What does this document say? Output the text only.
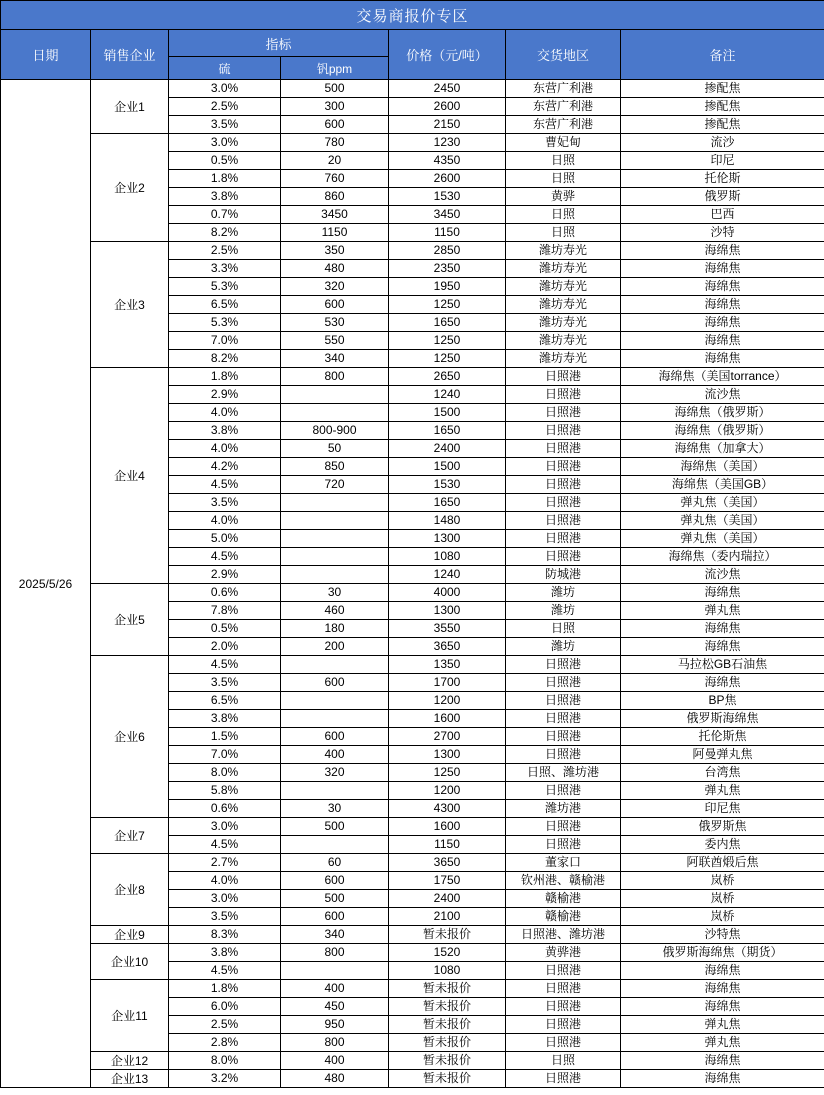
交易商报价专区						
日期	销售企业	指标		价格（元/吨）	交货地区	备注
		硫	钒ppm			
2025/5/26	企业1	3.0%	500	2450	东营广利港	掺配焦
		2.5%	300	2600	东营广利港	掺配焦
		3.5%	600	2150	东营广利港	掺配焦
	企业2	3.0%	780	1230	曹妃甸	流沙
		0.5%	20	4350	日照	印尼
		1.8%	760	2600	日照	托伦斯
		3.8%	860	1530	黄骅	俄罗斯
		0.7%	3450	3450	日照	巴西
		8.2%	1150	1150	日照	沙特
	企业3	2.5%	350	2850	潍坊寿光	海绵焦
		3.3%	480	2350	潍坊寿光	海绵焦
		5.3%	320	1950	潍坊寿光	海绵焦
		6.5%	600	1250	潍坊寿光	海绵焦
		5.3%	530	1650	潍坊寿光	海绵焦
		7.0%	550	1250	潍坊寿光	海绵焦
		8.2%	340	1250	潍坊寿光	海绵焦
	企业4	1.8%	800	2650	日照港	海绵焦（美国torrance）
		2.9%		1240	日照港	流沙焦
		4.0%		1500	日照港	海绵焦（俄罗斯）
		3.8%	800-900	1650	日照港	海绵焦（俄罗斯）
		4.0%	50	2400	日照港	海绵焦（加拿大）
		4.2%	850	1500	日照港	海绵焦（美国）
		4.5%	720	1530	日照港	海绵焦（美国GB）
		3.5%		1650	日照港	弹丸焦（美国）
		4.0%		1480	日照港	弹丸焦（美国）
		5.0%		1300	日照港	弹丸焦（美国）
		4.5%		1080	日照港	海绵焦（委内瑞拉）
		2.9%		1240	防城港	流沙焦
	企业5	0.6%	30	4000	潍坊	海绵焦
		7.8%	460	1300	潍坊	弹丸焦
		0.5%	180	3550	日照	海绵焦
		2.0%	200	3650	潍坊	海绵焦
	企业6	4.5%		1350	日照港	马拉松GB石油焦
		3.5%	600	1700	日照港	海绵焦
		6.5%		1200	日照港	BP焦
		3.8%		1600	日照港	俄罗斯海绵焦
		1.5%	600	2700	日照港	托伦斯焦
		7.0%	400	1300	日照港	阿曼弹丸焦
		8.0%	320	1250	日照、潍坊港	台湾焦
		5.8%		1200	日照港	弹丸焦
		0.6%	30	4300	潍坊港	印尼焦
	企业7	3.0%	500	1600	日照港	俄罗斯焦
		4.5%		1150	日照港	委内焦
	企业8	2.7%	60	3650	董家口	阿联酋煅后焦
		4.0%	600	1750	钦州港、赣榆港	岚桥
		3.0%	500	2400	赣榆港	岚桥
		3.5%	600	2100	赣榆港	岚桥
	企业9	8.3%	340	暂未报价	日照港、潍坊港	沙特焦
	企业10	3.8%	800	1520	黄骅港	俄罗斯海绵焦（期货）
		4.5%		1080	日照港	海绵焦
	企业11	1.8%	400	暂未报价	日照港	海绵焦
		6.0%	450	暂未报价	日照港	海绵焦
		2.5%	950	暂未报价	日照港	弹丸焦
		2.8%	800	暂未报价	日照港	弹丸焦
	企业12	8.0%	400	暂未报价	日照	海绵焦
	企业13	3.2%	480	暂未报价	日照港	海绵焦
